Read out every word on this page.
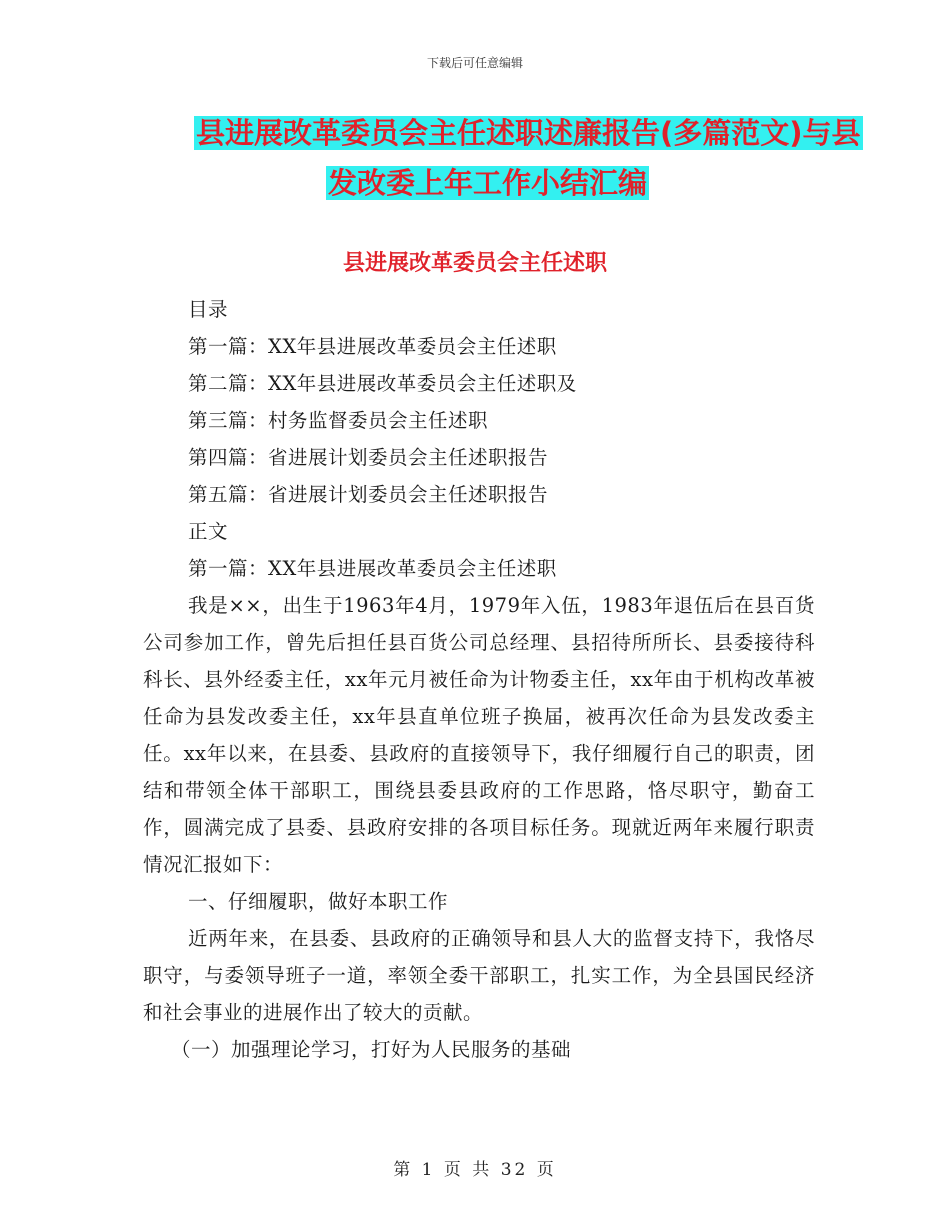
下载后可任意编辑
县进展改革委员会主任述职述廉报告(多篇范文)与县
发改委上年工作小结汇编
县进展改革委员会主任述职

目录

第一篇：XX年县进展改革委员会主任述职

第二篇：XX年县进展改革委员会主任述职及

第三篇：村务监督委员会主任述职

第四篇：省进展计划委员会主任述职报告

第五篇：省进展计划委员会主任述职报告

正文

第一篇：XX年县进展改革委员会主任述职

我是××，出生于1963年4月，1979年入伍，1983年退伍后在县百货公司参加工作，曾先后担任县百货公司总经理、县招待所所长、县委接待科科长、县外经委主任，xx年元月被任命为计物委主任，xx年由于机构改革被任命为县发改委主任，xx年县直单位班子换届，被再次任命为县发改委主任。xx年以来，在县委、县政府的直接领导下，我仔细履行自己的职责，团结和带领全体干部职工，围绕县委县政府的工作思路，恪尽职守，勤奋工作，圆满完成了县委、县政府安排的各项目标任务。现就近两年来履行职责情况汇报如下：

一、仔细履职，做好本职工作

近两年来，在县委、县政府的正确领导和县人大的监督支持下，我恪尽职守，与委领导班子一道，率领全委干部职工，扎实工作，为全县国民经济和社会事业的进展作出了较大的贡献。

（一）加强理论学习，打好为人民服务的基础

第 1 页 共 32 页
